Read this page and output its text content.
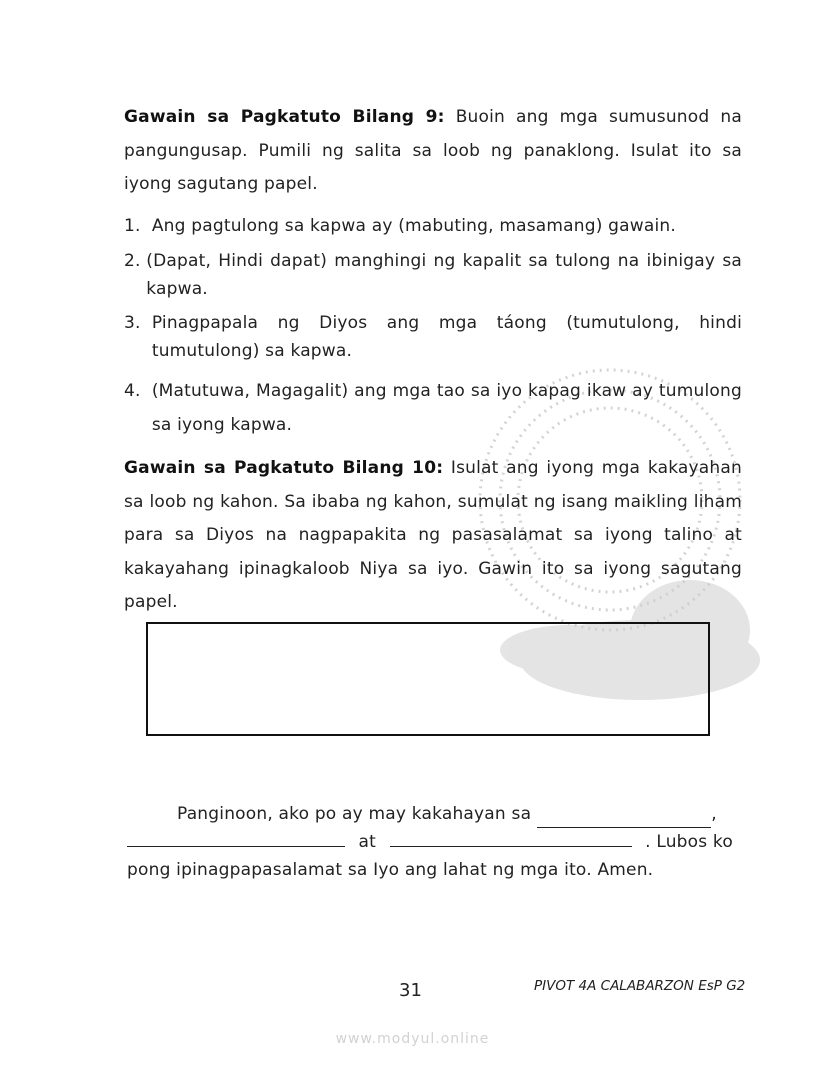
Gawain sa Pagkatuto Bilang 9: Buoin ang mga sumusunod na pangungusap. Pumili ng salita sa loob ng panaklong. Isulat ito sa iyong sagutang papel.
1. Ang pagtulong sa kapwa ay (mabuting, masamang) gawain.
2. (Dapat, Hindi dapat) manghingi ng kapalit sa tulong na ibinigay sa kapwa.
3. Pinagpapala ng Diyos ang mga táong (tumutulong, hindi tumutulong) sa kapwa.
4. (Matutuwa, Magagalit) ang mga tao sa iyo kapag ikaw ay tumulong sa iyong kapwa.
Gawain sa Pagkatuto Bilang 10: Isulat ang iyong mga kakayahan sa loob ng kahon. Sa ibaba ng kahon, sumulat ng isang maikling liham para sa Diyos na nagpapakita ng pasasalamat sa iyong talino at kakayahang ipinagkaloob Niya sa iyo. Gawin ito sa iyong sagutang papel.
Panginoon, ako po ay may kakahayan sa	,
at	. Lubos ko
pong ipinagpapasalamat sa Iyo ang lahat ng mga ito. Amen.
31	PIVOT 4A CALABARZON EsP G2
www.modyul.online
